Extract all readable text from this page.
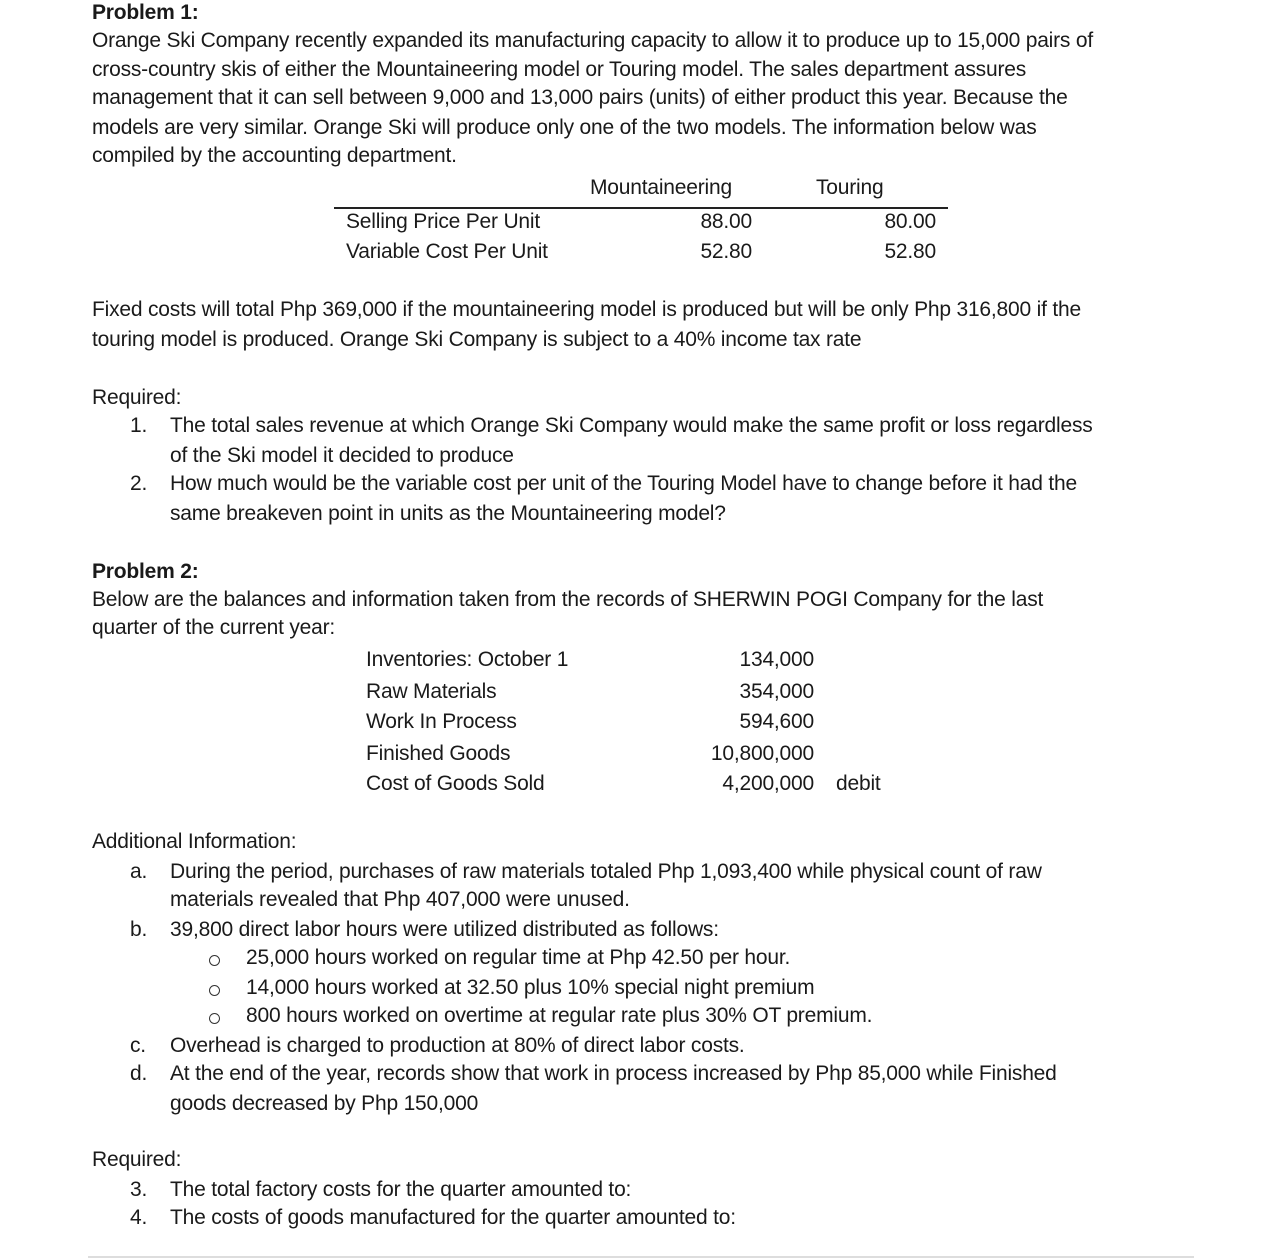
Problem 1:
Orange Ski Company recently expanded its manufacturing capacity to allow it to produce up to 15,000 pairs of
cross-country skis of either the Mountaineering model or Touring model. The sales department assures
management that it can sell between 9,000 and 13,000 pairs (units) of either product this year. Because the
models are very similar. Orange Ski will produce only one of the two models. The information below was
compiled by the accounting department.
Mountaineering	Touring
Selling Price Per Unit	88.00	80.00
Variable Cost Per Unit	52.80	52.80
Fixed costs will total Php 369,000 if the mountaineering model is produced but will be only Php 316,800 if the
touring model is produced. Orange Ski Company is subject to a 40% income tax rate
Required:
1. The total sales revenue at which Orange Ski Company would make the same profit or loss regardless
of the Ski model it decided to produce
2. How much would be the variable cost per unit of the Touring Model have to change before it had the
same breakeven point in units as the Mountaineering model?
Problem 2:
Below are the balances and information taken from the records of SHERWIN POGI Company for the last
quarter of the current year:
Inventories: October 1	134,000
Raw Materials	354,000
Work In Process	594,600
Finished Goods	10,800,000
Cost of Goods Sold	4,200,000 debit
Additional Information:
a. During the period, purchases of raw materials totaled Php 1,093,400 while physical count of raw
materials revealed that Php 407,000 were unused.
b. 39,800 direct labor hours were utilized distributed as follows:
25,000 hours worked on regular time at Php 42.50 per hour.
14,000 hours worked at 32.50 plus 10% special night premium
800 hours worked on overtime at regular rate plus 30% OT premium.
c. Overhead is charged to production at 80% of direct labor costs.
d. At the end of the year, records show that work in process increased by Php 85,000 while Finished
goods decreased by Php 150,000
Required:
3. The total factory costs for the quarter amounted to:
4. The costs of goods manufactured for the quarter amounted to:
